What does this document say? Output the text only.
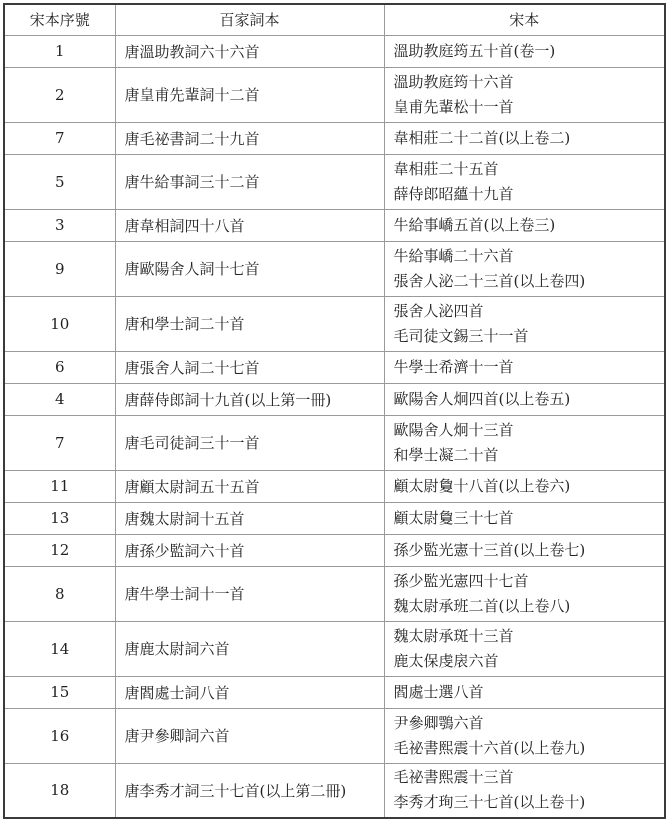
宋本序號	百家詞本	宋本
1	唐溫助教詞六十六首	溫助教庭筠五十首(卷一)

2	唐皇甫先輩詞十二首	溫助教庭筠十六首
皇甫先輩松十一首

7	唐毛祕書詞二十九首	韋相莊二十二首(以上卷二)

5	唐牛給事詞三十二首	韋相莊二十五首
薛侍郎昭蘊十九首

3	唐韋相詞四十八首	牛給事嶠五首(以上卷三)

9	唐歐陽舍人詞十七首	牛給事嶠二十六首
張舍人泌二十三首(以上卷四)

10	唐和學士詞二十首	張舍人泌四首
毛司徒文錫三十一首

6	唐張舍人詞二十七首	牛學士希濟十一首

4	唐薛侍郎詞十九首(以上第一冊)	歐陽舍人炯四首(以上卷五)

7	唐毛司徒詞三十一首	歐陽舍人炯十三首
和學士凝二十首

11	唐顧太尉詞五十五首	顧太尉敻十八首(以上卷六)

13	唐魏太尉詞十五首	顧太尉敻三十七首

12	唐孫少監詞六十首	孫少監光憲十三首(以上卷七)

8	唐牛學士詞十一首	孫少監光憲四十七首
魏太尉承班二首(以上卷八)

14	唐鹿太尉詞六首	魏太尉承斑十三首
鹿太保虔扆六首

15	唐閻處士詞八首	閻處士選八首

16	唐尹參卿詞六首	尹參卿鶚六首
毛祕書熙震十六首(以上卷九)

18	唐李秀才詞三十七首(以上第二冊)	毛祕書熙震十三首
李秀才珣三十七首(以上卷十)
